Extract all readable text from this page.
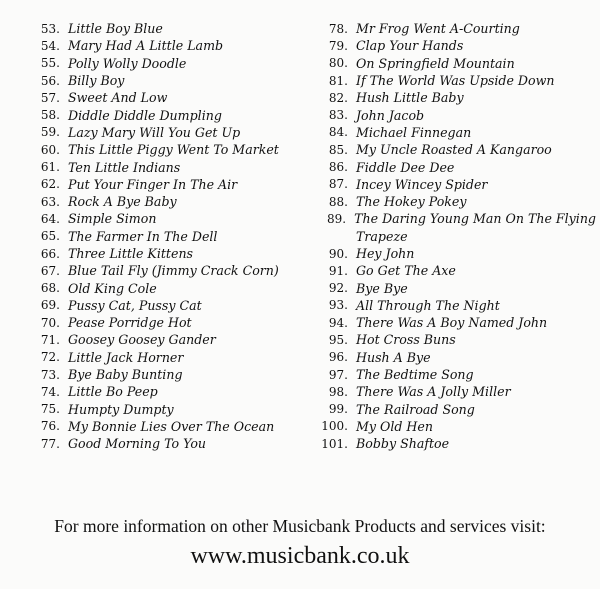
53. Little Boy Blue
54. Mary Had A Little Lamb
55. Polly Wolly Doodle
56. Billy Boy
57. Sweet And Low
58. Diddle Diddle Dumpling
59. Lazy Mary Will You Get Up
60. This Little Piggy Went To Market
61. Ten Little Indians
62. Put Your Finger In The Air
63. Rock A Bye Baby
64. Simple Simon
65. The Farmer In The Dell
66. Three Little Kittens
67. Blue Tail Fly (Jimmy Crack Corn)
68. Old King Cole
69. Pussy Cat, Pussy Cat
70. Pease Porridge Hot
71. Goosey Goosey Gander
72. Little Jack Horner
73. Bye Baby Bunting
74. Little Bo Peep
75. Humpty Dumpty
76. My Bonnie Lies Over The Ocean
77. Good Morning To You
78. Mr Frog Went A-Courting
79. Clap Your Hands
80. On Springfield Mountain
81. If The World Was Upside Down
82. Hush Little Baby
83. John Jacob
84. Michael Finnegan
85. My Uncle Roasted A Kangaroo
86. Fiddle Dee Dee
87. Incey Wincey Spider
88. The Hokey Pokey
89. The Daring Young Man On The Flying
Trapeze
90. Hey John
91. Go Get The Axe
92. Bye Bye
93. All Through The Night
94. There Was A Boy Named John
95. Hot Cross Buns
96. Hush A Bye
97. The Bedtime Song
98. There Was A Jolly Miller
99. The Railroad Song
100. My Old Hen
101. Bobby Shaftoe
For more information on other Musicbank Products and services visit:
www.musicbank.co.uk
